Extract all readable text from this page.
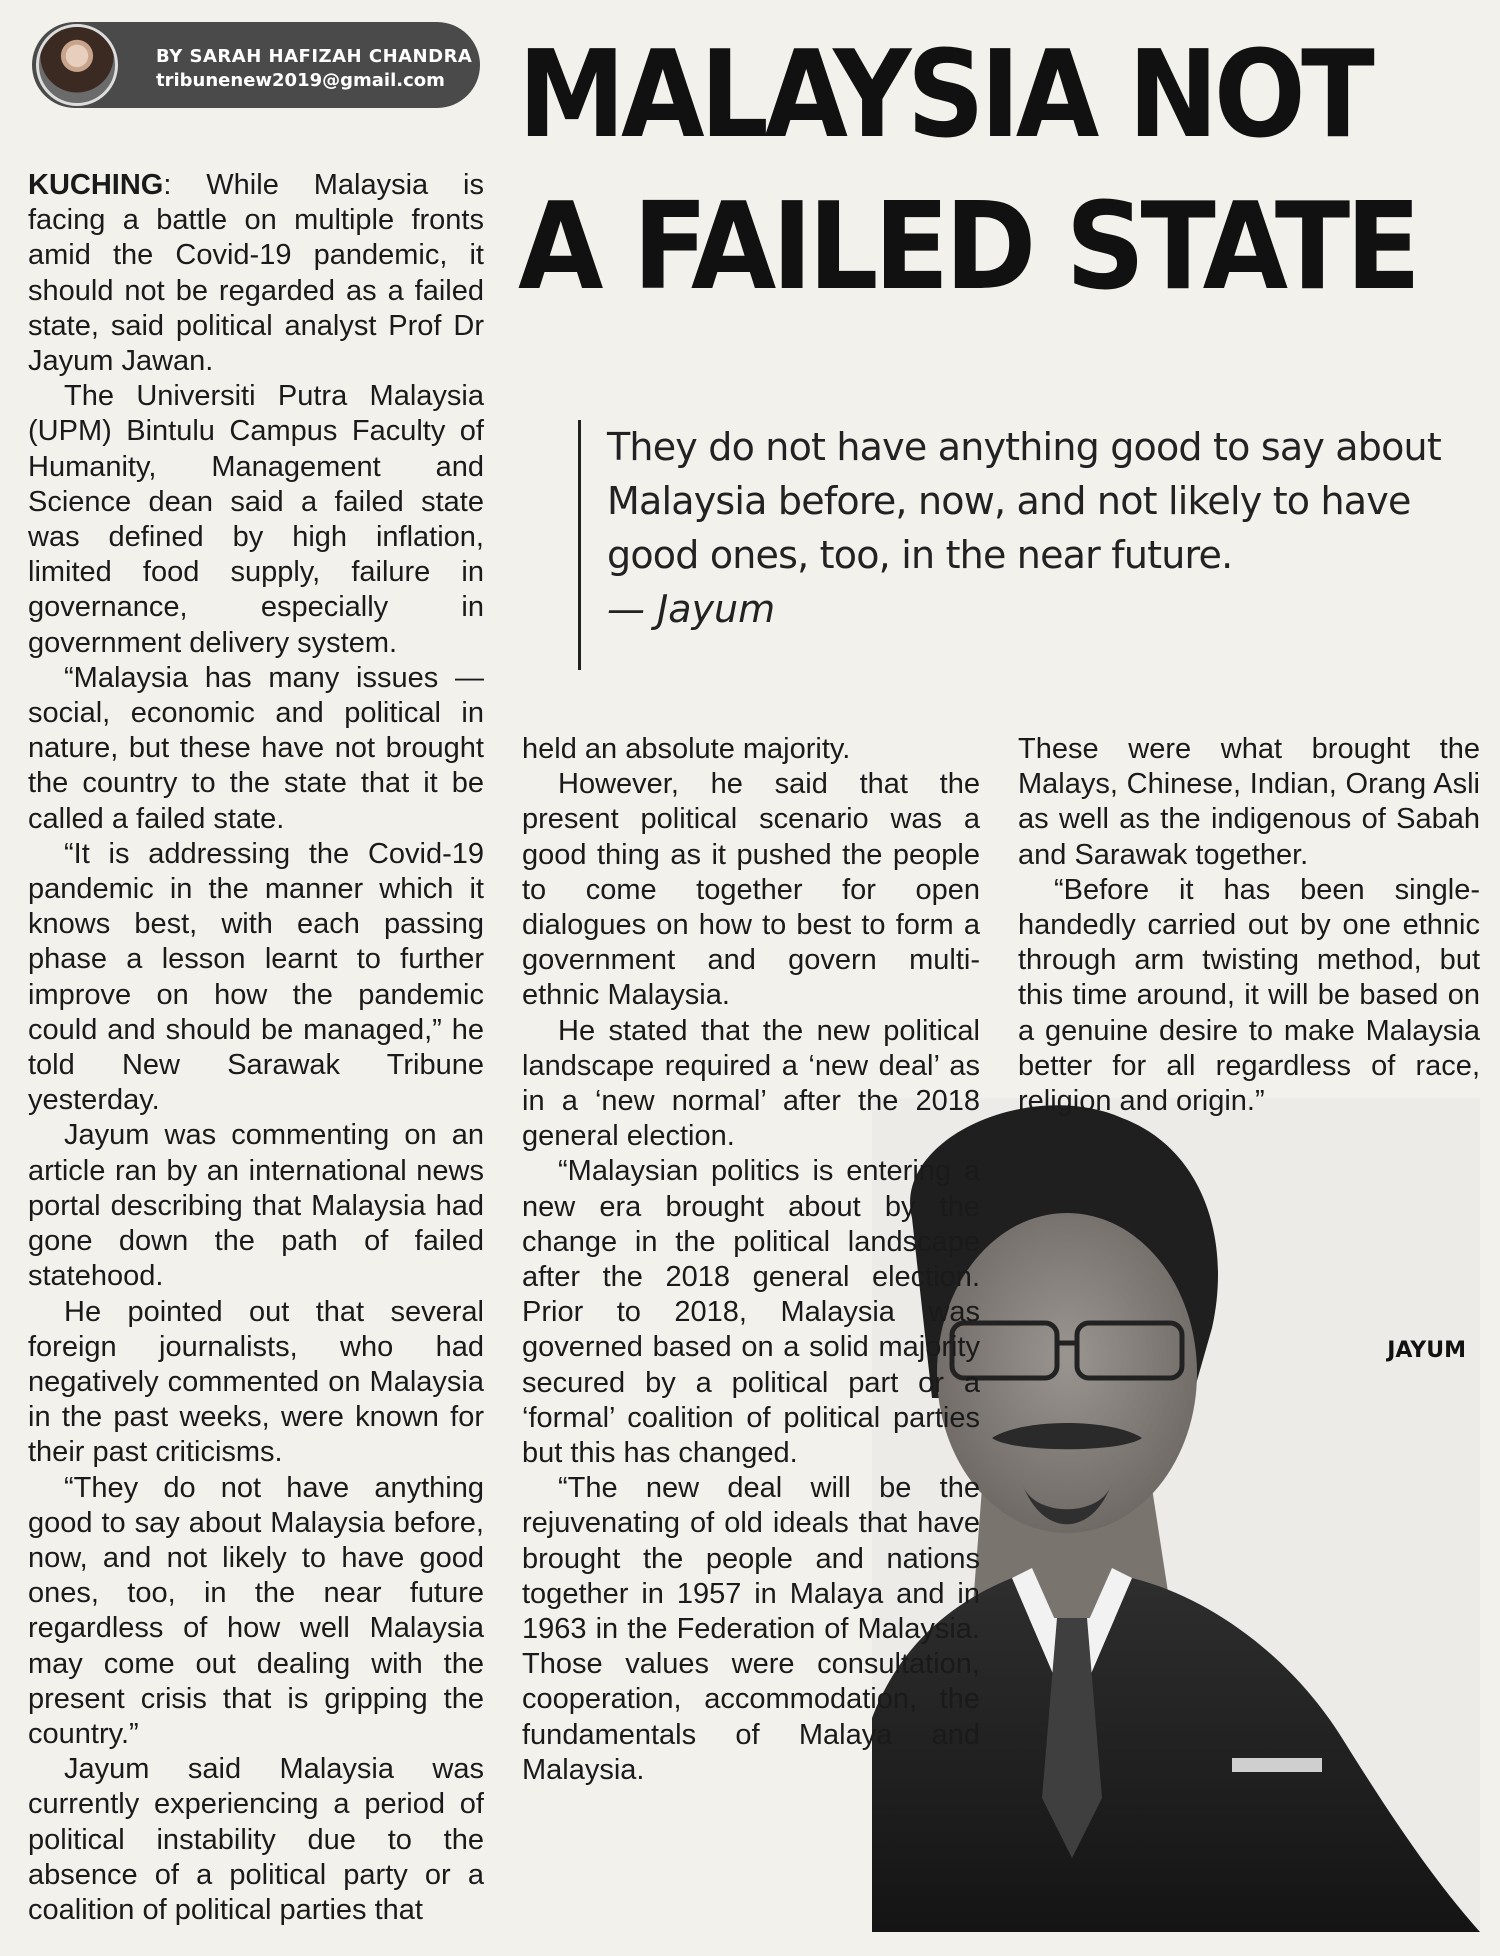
BY SARAH HAFIZAH CHANDRA
tribunenew2019@gmail.com MALAYSIA NOT
A FAILED STATE
They do not have anything good to say about Malaysia before, now, and not likely to have good ones, too, in the near future.
— Jayum

KUCHING: While Malaysia is facing a battle on multiple fronts amid the Covid-19 pandemic, it should not be regarded as a failed state, said political analyst Prof Dr Jayum Jawan.

The Universiti Putra Malaysia (UPM) Bintulu Campus Faculty of Humanity, Management and Science dean said a failed state was defined by high inflation, limited food supply, failure in governance, especially in government delivery system.

“Malaysia has many issues — social, economic and political in nature, but these have not brought the country to the state that it be called a failed state.

“It is addressing the Covid-19 pandemic in the manner which it knows best, with each passing phase a lesson learnt to further improve on how the pandemic could and should be managed,” he told New Sarawak Tribune yesterday.

Jayum was commenting on an article ran by an international news portal describing that Malaysia had gone down the path of failed statehood.

He pointed out that several foreign journalists, who had negatively commented on Malaysia in the past weeks, were known for their past criticisms.

“They do not have anything good to say about Malaysia before, now, and not likely to have good ones, too, in the near future regardless of how well Malaysia may come out dealing with the present crisis that is gripping the country.”

Jayum said Malaysia was currently experiencing a period of political instability due to the absence of a political party or a coalition of political parties that

JAYUM

held an absolute majority.

However, he said that the present political scenario was a good thing as it pushed the people to come together for open dialogues on how to best to form a government and govern multi-ethnic Malaysia.

He stated that the new political landscape required a ‘new deal’ as in a ‘new normal’ after the 2018 general election.

“Malaysian politics is entering a new era brought about by the change in the political landscape after the 2018 general election. Prior to 2018, Malaysia was governed based on a solid majority secured by a political part or a ‘formal’ coalition of political parties but this has changed.

“The new deal will be the rejuvenating of old ideals that have brought the people and nations together in 1957 in Malaya and in 1963 in the Federation of Malaysia. Those values were consultation, cooperation, accommodation, the fundamentals of Malaya and Malaysia.

These were what brought the Malays, Chinese, Indian, Orang Asli as well as the indigenous of Sabah and Sarawak together.

“Before it has been single-handedly carried out by one ethnic through arm twisting method, but this time around, it will be based on a genuine desire to make Malaysia better for all regardless of race, religion and origin.”
